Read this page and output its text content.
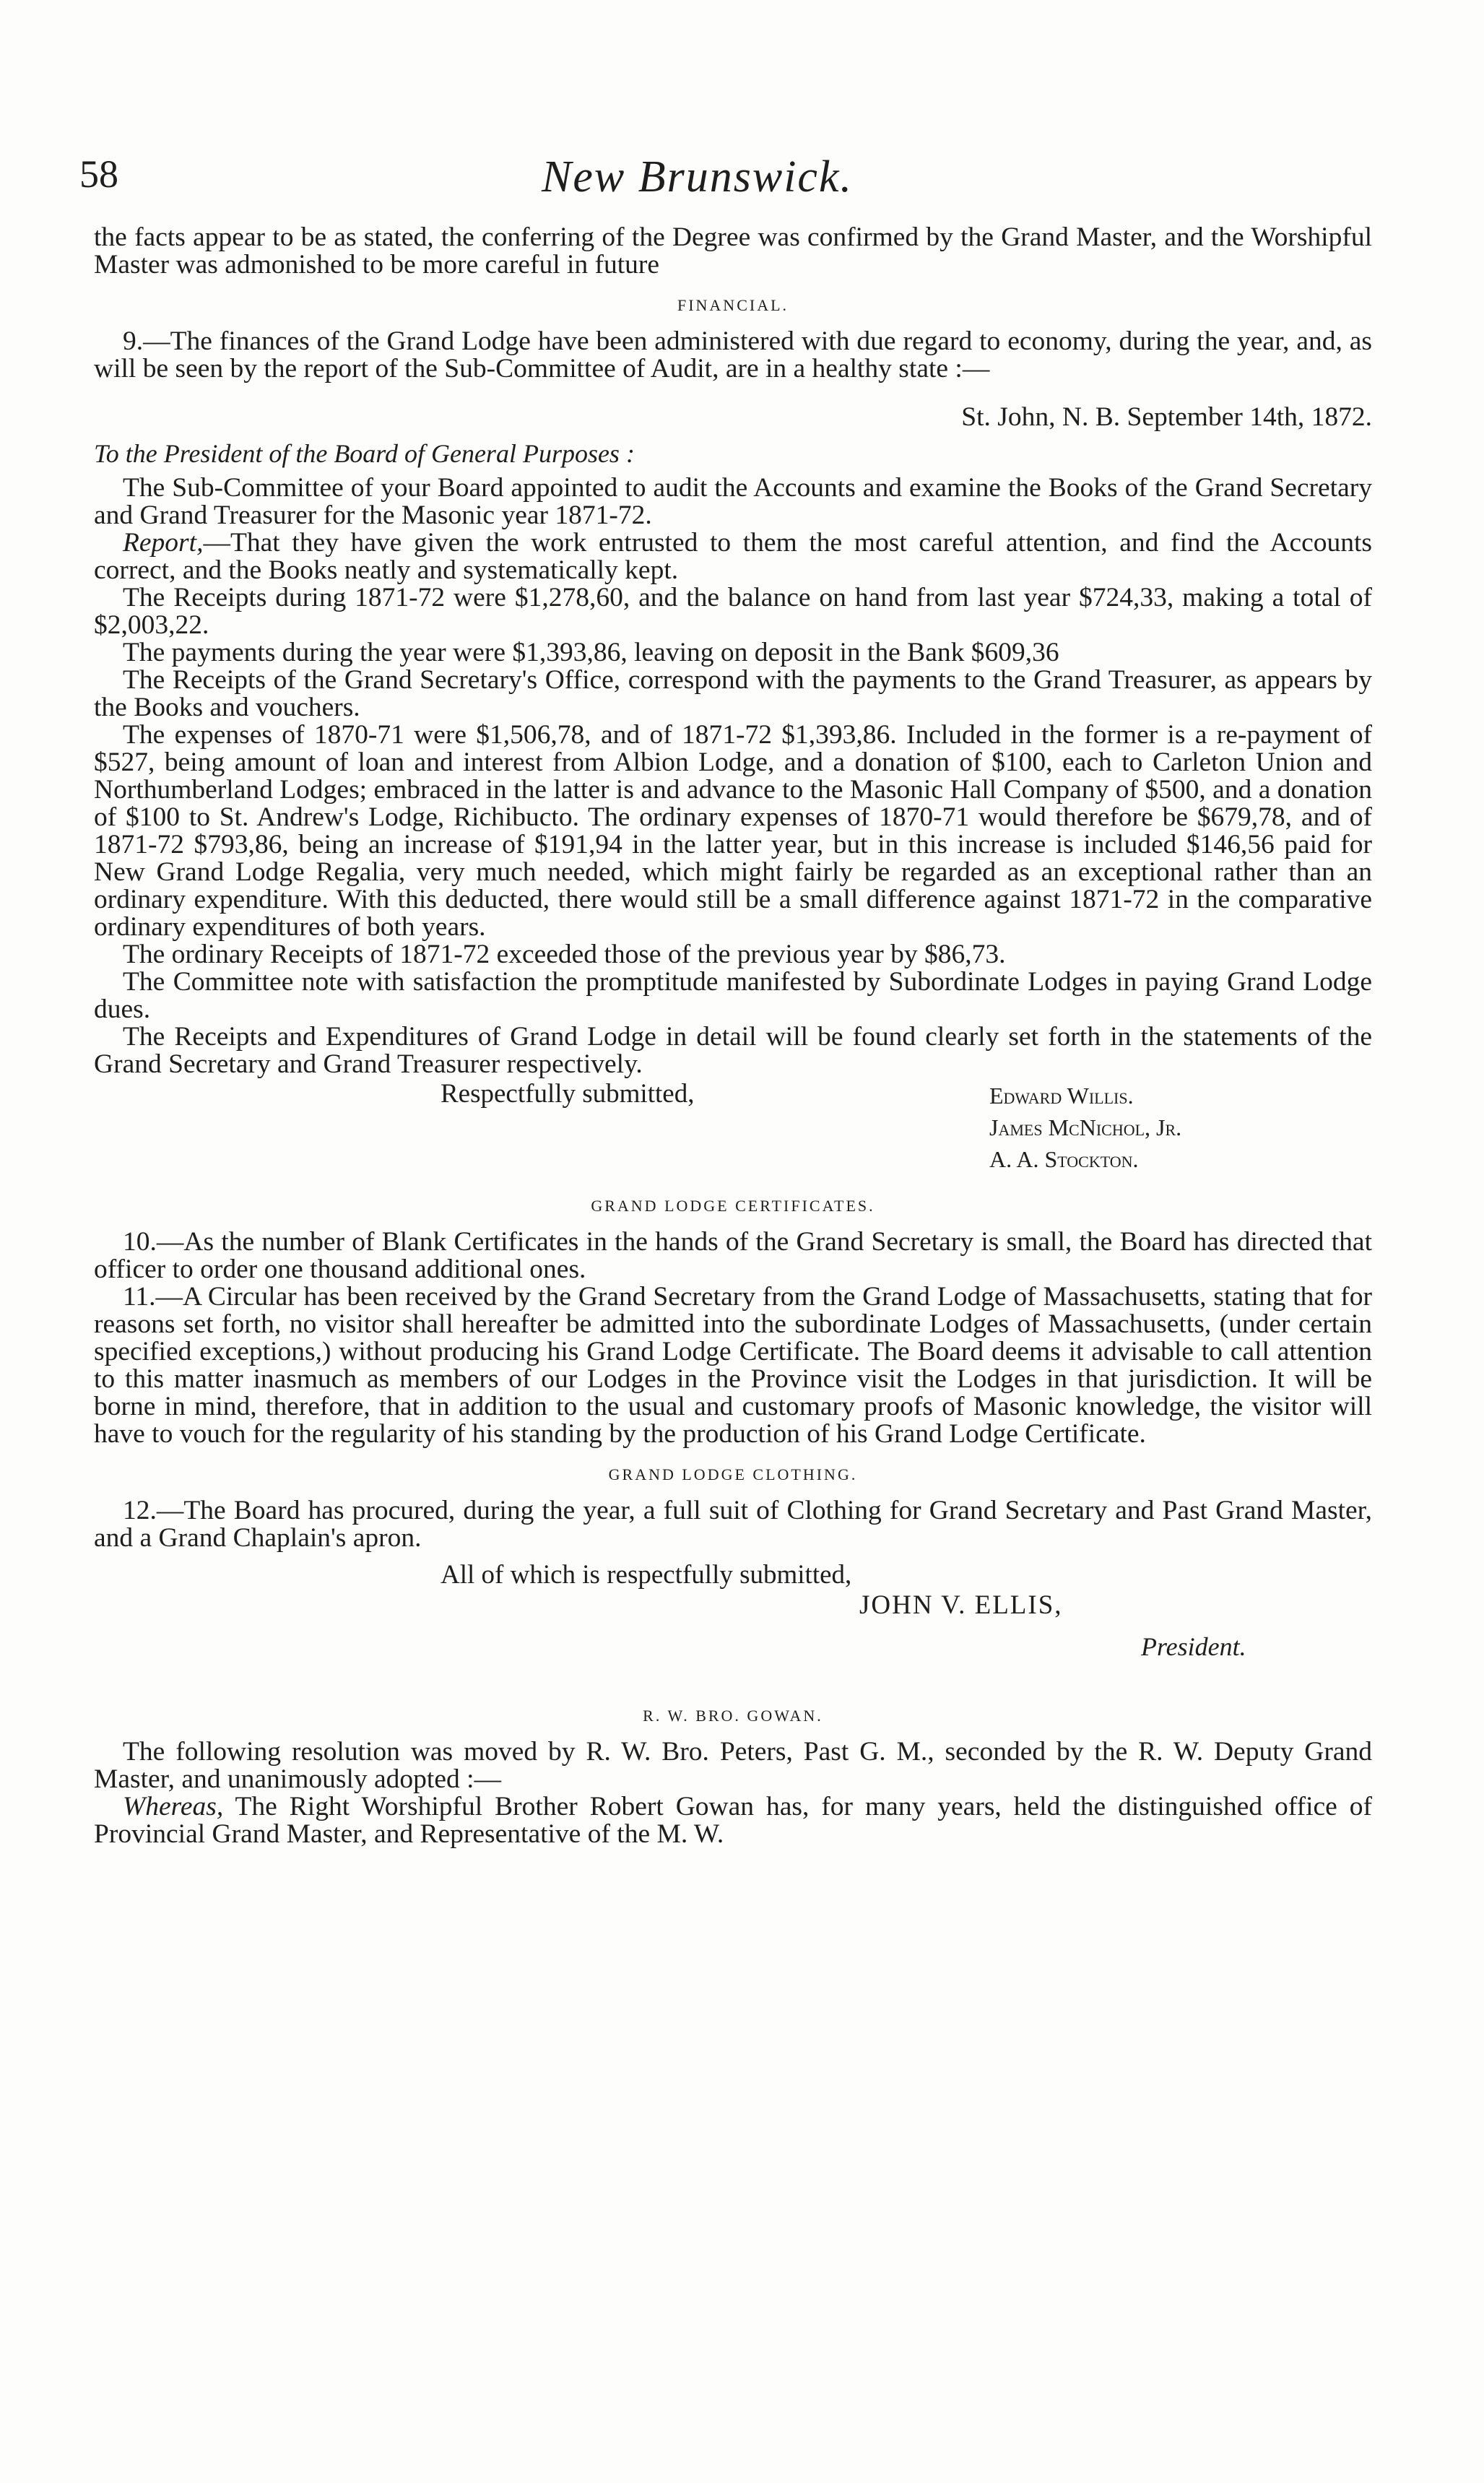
58	New Brunswick.

the facts appear to be as stated, the conferring of the Degree was confirmed by the Grand Master, and the Worshipful Master was admonished to be more careful in future

FINANCIAL.

9.—The finances of the Grand Lodge have been administered with due regard to economy, during the year, and, as will be seen by the report of the Sub-Committee of Audit, are in a healthy state :—

St. John, N. B. September 14th, 1872.
To the President of the Board of General Purposes :

The Sub-Committee of your Board appointed to audit the Accounts and examine the Books of the Grand Secretary and Grand Treasurer for the Masonic year 1871-72.

Report,—That they have given the work entrusted to them the most careful attention, and find the Accounts correct, and the Books neatly and systematically kept.

The Receipts during 1871-72 were $1,278,60, and the balance on hand from last year $724,33, making a total of $2,003,22.

The payments during the year were $1,393,86, leaving on deposit in the Bank $609,36

The Receipts of the Grand Secretary's Office, correspond with the payments to the Grand Treasurer, as appears by the Books and vouchers.

The expenses of 1870-71 were $1,506,78, and of 1871-72 $1,393,86. Included in the former is a re-payment of $527, being amount of loan and interest from Albion Lodge, and a donation of $100, each to Carleton Union and Northumberland Lodges; embraced in the latter is and advance to the Masonic Hall Company of $500, and a donation of $100 to St. Andrew's Lodge, Richibucto. The ordinary expenses of 1870-71 would therefore be $679,78, and of 1871-72 $793,86, being an increase of $191,94 in the latter year, but in this increase is included $146,56 paid for New Grand Lodge Regalia, very much needed, which might fairly be regarded as an exceptional rather than an ordinary expenditure. With this deducted, there would still be a small difference against 1871-72 in the comparative ordinary expenditures of both years.

The ordinary Receipts of 1871-72 exceeded those of the previous year by $86,73.

The Committee note with satisfaction the promptitude manifested by Subordinate Lodges in paying Grand Lodge dues.

The Receipts and Expenditures of Grand Lodge in detail will be found clearly set forth in the statements of the Grand Secretary and Grand Treasurer respectively.

Respectfully submitted,	Edward Willis.
James McNichol, Jr.
A. A. Stockton.
GRAND LODGE CERTIFICATES.

10.—As the number of Blank Certificates in the hands of the Grand Secretary is small, the Board has directed that officer to order one thousand additional ones.

11.—A Circular has been received by the Grand Secretary from the Grand Lodge of Massachusetts, stating that for reasons set forth, no visitor shall hereafter be admitted into the subordinate Lodges of Massachusetts, (under certain specified exceptions,) without producing his Grand Lodge Certificate. The Board deems it advisable to call attention to this matter inasmuch as members of our Lodges in the Province visit the Lodges in that jurisdiction. It will be borne in mind, therefore, that in addition to the usual and customary proofs of Masonic knowledge, the visitor will have to vouch for the regularity of his standing by the production of his Grand Lodge Certificate.

GRAND LODGE CLOTHING.

12.—The Board has procured, during the year, a full suit of Clothing for Grand Secretary and Past Grand Master, and a Grand Chaplain's apron.

All of which is respectfully submitted,
JOHN V. ELLIS,
President.
R. W. BRO. GOWAN.

The following resolution was moved by R. W. Bro. Peters, Past G. M., seconded by the R. W. Deputy Grand Master, and unanimously adopted :—

Whereas, The Right Worshipful Brother Robert Gowan has, for many years, held the distinguished office of Provincial Grand Master, and Representative of the M. W.
